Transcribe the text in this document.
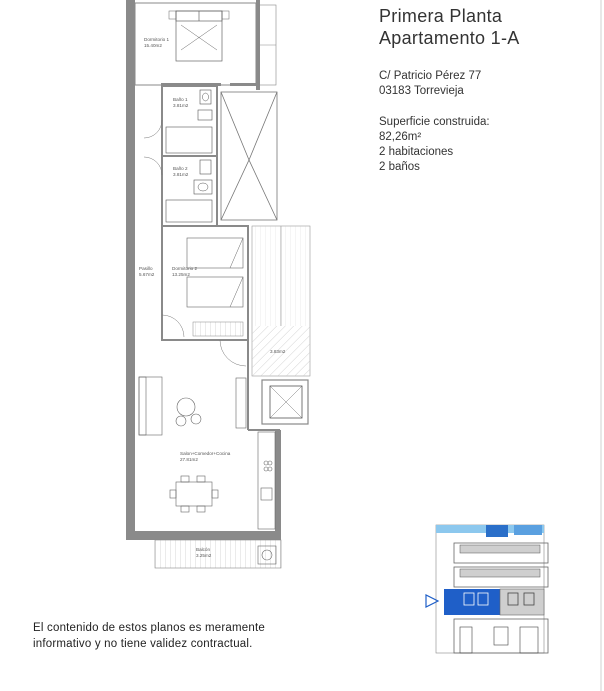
Dormitorio 1
15.40m2
Baño 1
3.81m2
Baño 2
3.81m2
Pasillo
5.67m2
Dormitorio 2
13.25m2
3.83m2
Salon+Comedor+Cocina
27.81m2
Balcón
3.25m2
Primera Planta
Apartamento 1-A
C/ Patricio Pérez 77
03183 Torrevieja
Superficie construida:
82,26m²
2 habitaciones
2 baños
El contenido de estos planos es meramente
informativo y no tiene validez contractual.
